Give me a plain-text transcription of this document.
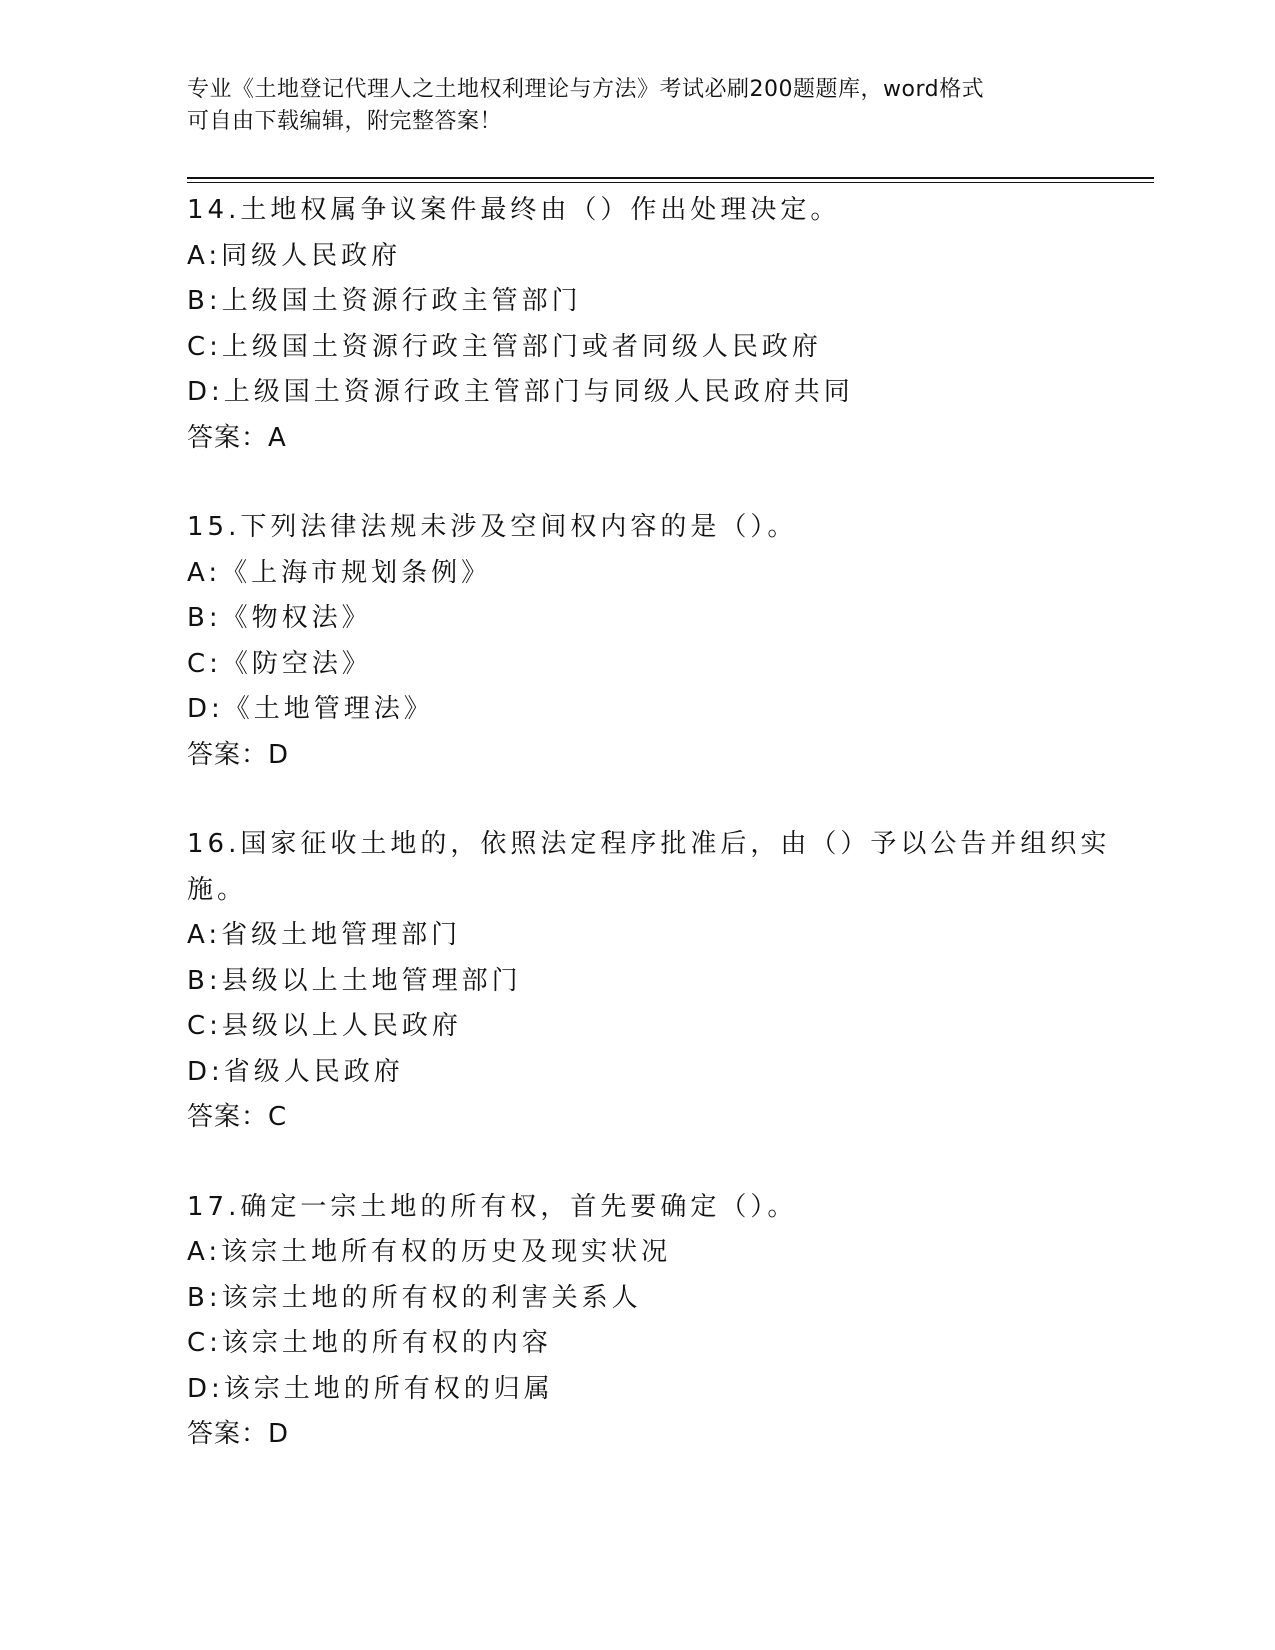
专业《土地登记代理人之土地权利理论与方法》考试必刷200题题库，word格式
可自由下载编辑，附完整答案！
14.土地权属争议案件最终由（）作出处理决定。
A:同级人民政府
B:上级国土资源行政主管部门
C:上级国土资源行政主管部门或者同级人民政府
D:上级国土资源行政主管部门与同级人民政府共同
答案：A
15.下列法律法规未涉及空间权内容的是（）。
A:《上海市规划条例》
B:《物权法》
C:《防空法》
D:《土地管理法》
答案：D
16.国家征收土地的，依照法定程序批准后，由（）予以公告并组织实
施。
A:省级土地管理部门
B:县级以上土地管理部门
C:县级以上人民政府
D:省级人民政府
答案：C
17.确定一宗土地的所有权，首先要确定（）。
A:该宗土地所有权的历史及现实状况
B:该宗土地的所有权的利害关系人
C:该宗土地的所有权的内容
D:该宗土地的所有权的归属
答案：D
